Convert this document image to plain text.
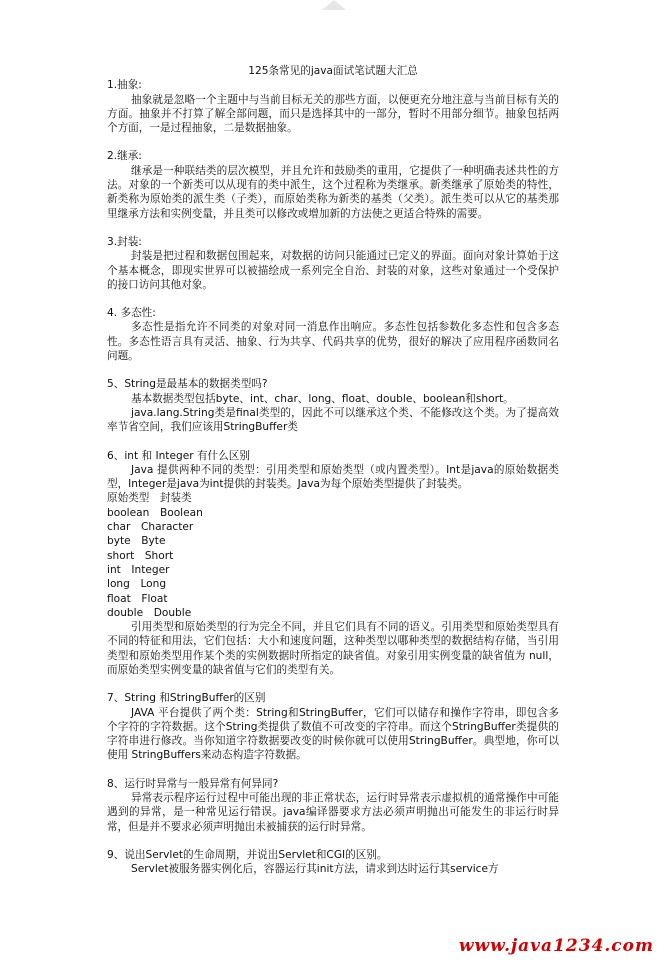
125条常见的java面试笔试题大汇总

1.抽象:

抽象就是忽略一个主题中与当前目标无关的那些方面，以便更充分地注意与当前目标有关的方面。抽象并不打算了解全部问题，而只是选择其中的一部分，暂时不用部分细节。抽象包括两个方面，一是过程抽象，二是数据抽象。

2.继承:

继承是一种联结类的层次模型，并且允许和鼓励类的重用，它提供了一种明确表述共性的方法。对象的一个新类可以从现有的类中派生，这个过程称为类继承。新类继承了原始类的特性，新类称为原始类的派生类（子类），而原始类称为新类的基类（父类）。派生类可以从它的基类那里继承方法和实例变量，并且类可以修改或增加新的方法使之更适合特殊的需要。

3.封装:

封装是把过程和数据包围起来，对数据的访问只能通过已定义的界面。面向对象计算始于这个基本概念，即现实世界可以被描绘成一系列完全自治、封装的对象，这些对象通过一个受保护的接口访问其他对象。

4. 多态性:

多态性是指允许不同类的对象对同一消息作出响应。多态性包括参数化多态性和包含多态性。多态性语言具有灵活、抽象、行为共享、代码共享的优势，很好的解决了应用程序函数同名问题。

5、String是最基本的数据类型吗?

基本数据类型包括byte、int、char、long、float、double、boolean和short。

java.lang.String类是final类型的，因此不可以继承这个类、不能修改这个类。为了提高效率节省空间，我们应该用StringBuffer类

6、int 和 Integer 有什么区别

Java 提供两种不同的类型：引用类型和原始类型（或内置类型）。Int是java的原始数据类型，Integer是java为int提供的封装类。Java为每个原始类型提供了封装类。

原始类型　封装类

boolean　Boolean

char　Character

byte　Byte

short　Short

int　Integer

long　Long

float　Float

double　Double

引用类型和原始类型的行为完全不同，并且它们具有不同的语义。引用类型和原始类型具有不同的特征和用法，它们包括：大小和速度问题，这种类型以哪种类型的数据结构存储，当引用类型和原始类型用作某个类的实例数据时所指定的缺省值。对象引用实例变量的缺省值为 null，而原始类型实例变量的缺省值与它们的类型有关。

7、String 和StringBuffer的区别

JAVA 平台提供了两个类：String和StringBuffer，它们可以储存和操作字符串，即包含多个字符的字符数据。这个String类提供了数值不可改变的字符串。而这个StringBuffer类提供的字符串进行修改。当你知道字符数据要改变的时候你就可以使用StringBuffer。典型地，你可以使用 StringBuffers来动态构造字符数据。

8、运行时异常与一般异常有何异同?

异常表示程序运行过程中可能出现的非正常状态，运行时异常表示虚拟机的通常操作中可能遇到的异常，是一种常见运行错误。java编译器要求方法必须声明抛出可能发生的非运行时异常，但是并不要求必须声明抛出未被捕获的运行时异常。

9、说出Servlet的生命周期，并说出Servlet和CGI的区别。

Servlet被服务器实例化后，容器运行其init方法，请求到达时运行其service方

www.java1234.com
